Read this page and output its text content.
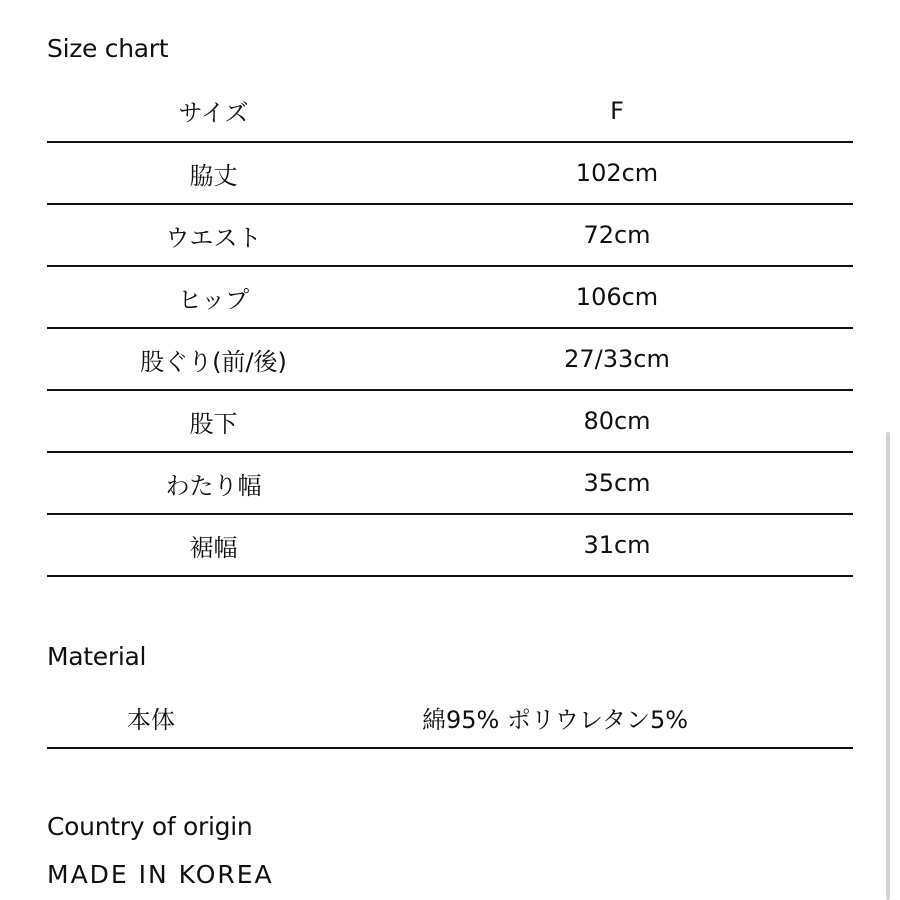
Size chart
サイズ	F
脇丈	102cm
ウエスト	72cm
ヒップ	106cm
股ぐり(前/後)	27/33cm
股下	80cm
わたり幅	35cm
裾幅	31cm
Material
本体	綿95% ポリウレタン5%
Country of origin
MADE IN KOREA
